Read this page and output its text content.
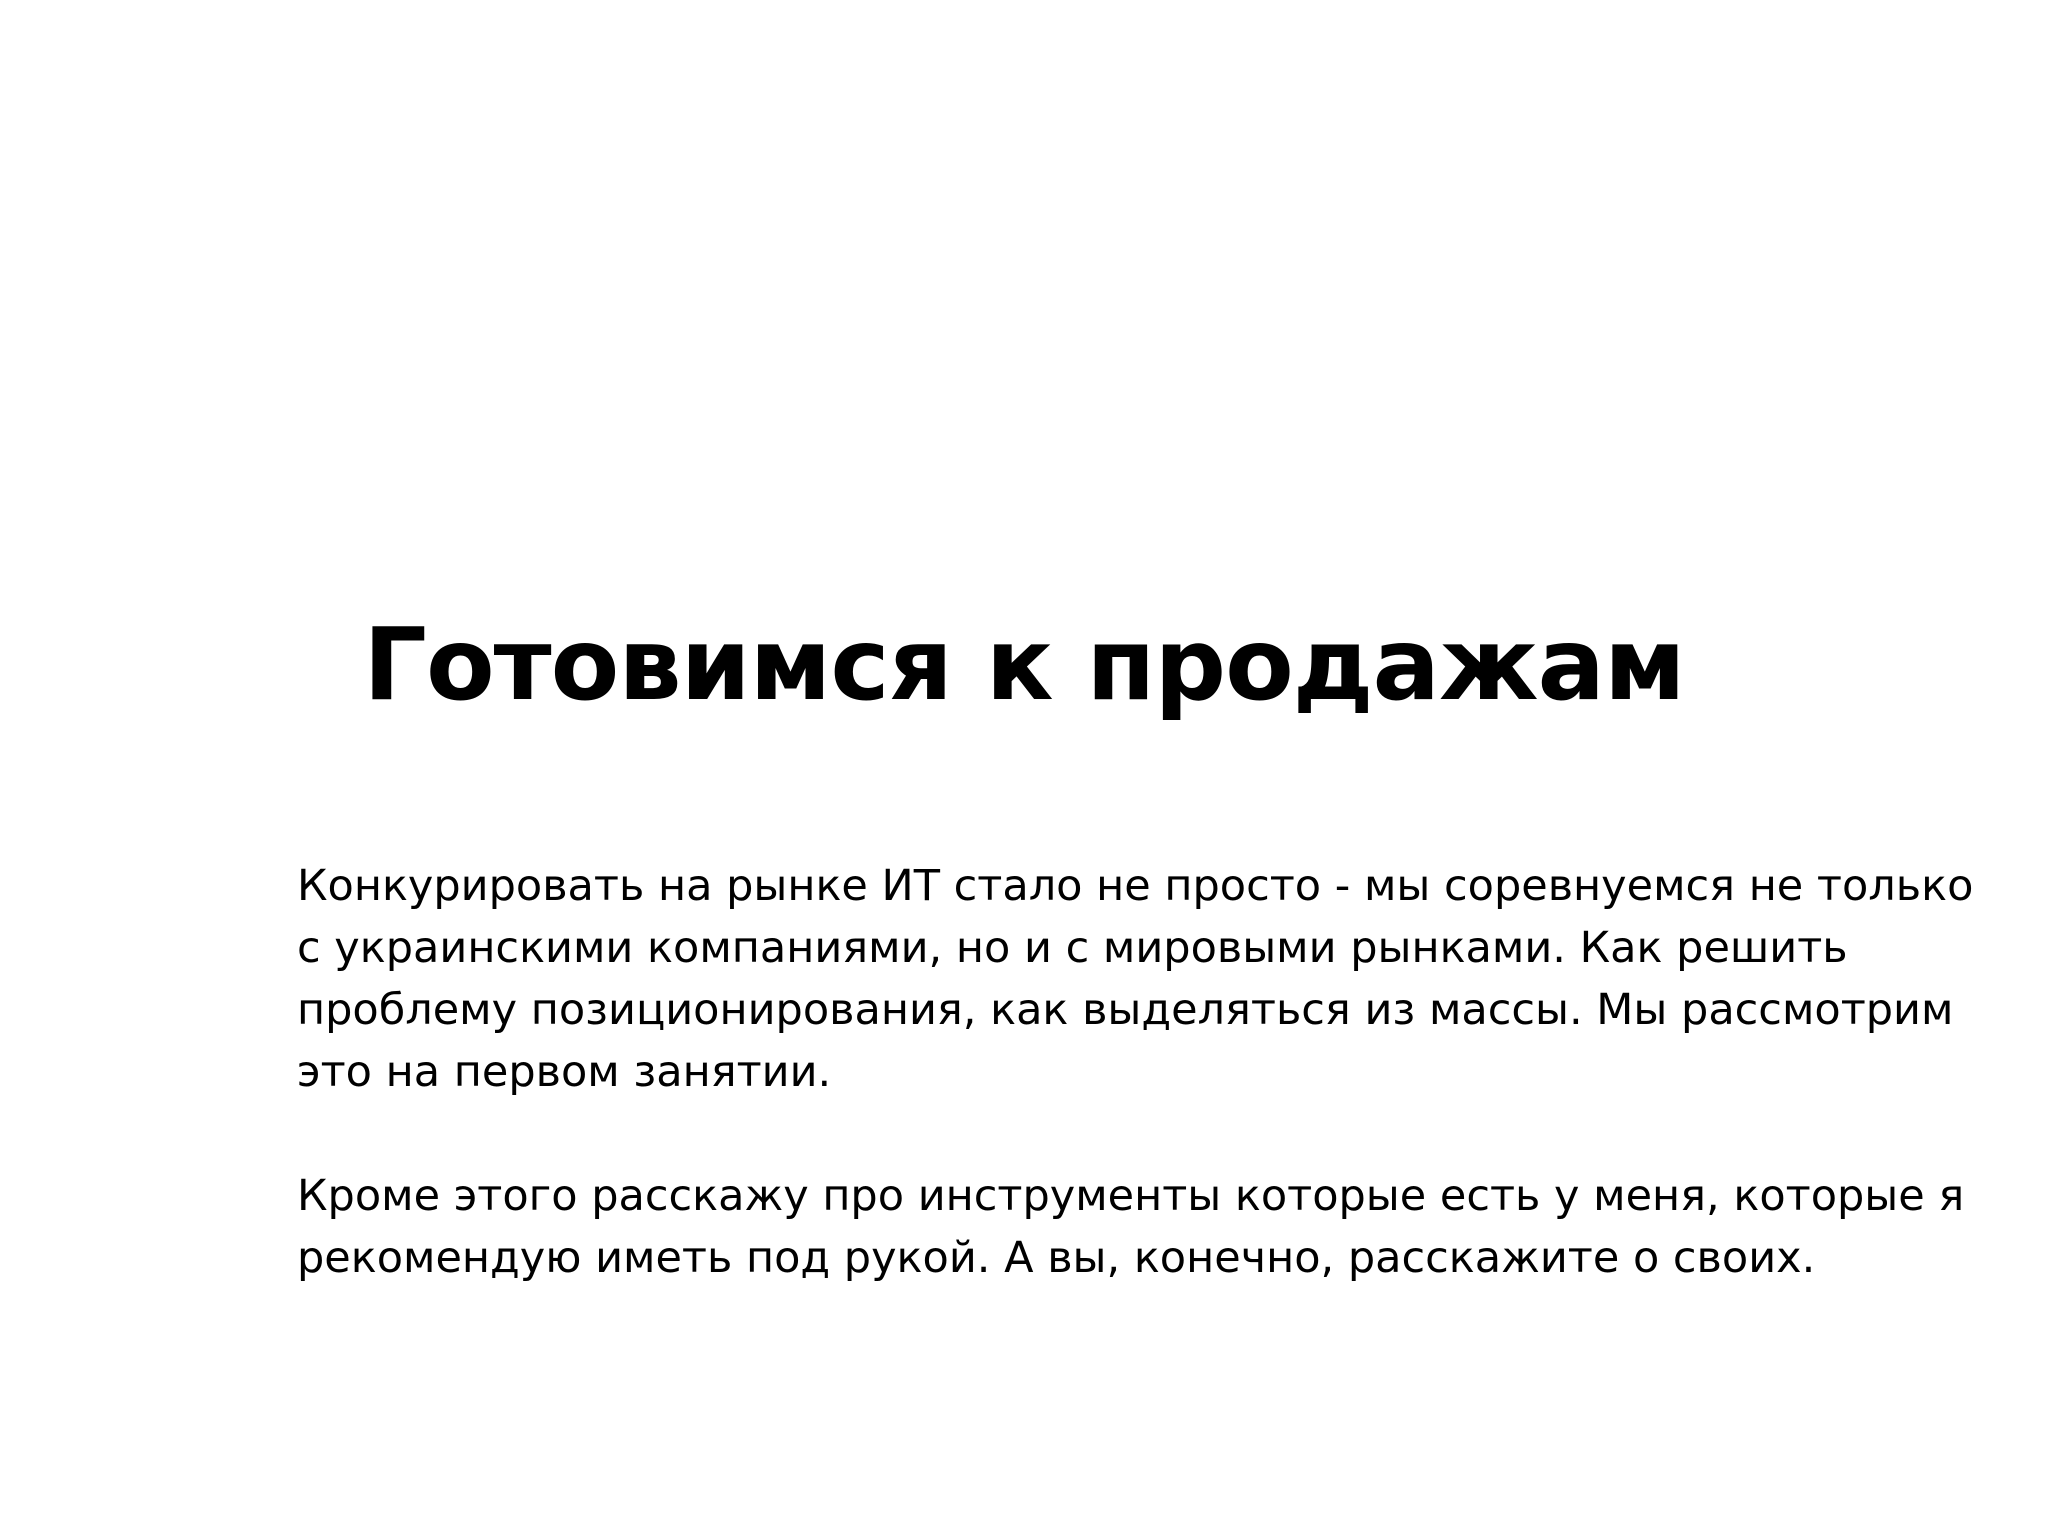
Готовимся к продажам
Конкурировать на рынке ИТ стало не просто - мы соревнуемся не только
с украинскими компаниями, но и с мировыми рынками. Как решить
проблему позиционирования, как выделяться из массы. Мы рассмотрим
это на первом занятии.
Кроме этого расскажу про инструменты которые есть у меня, которые я
рекомендую иметь под рукой. А вы, конечно, расскажите о своих.
